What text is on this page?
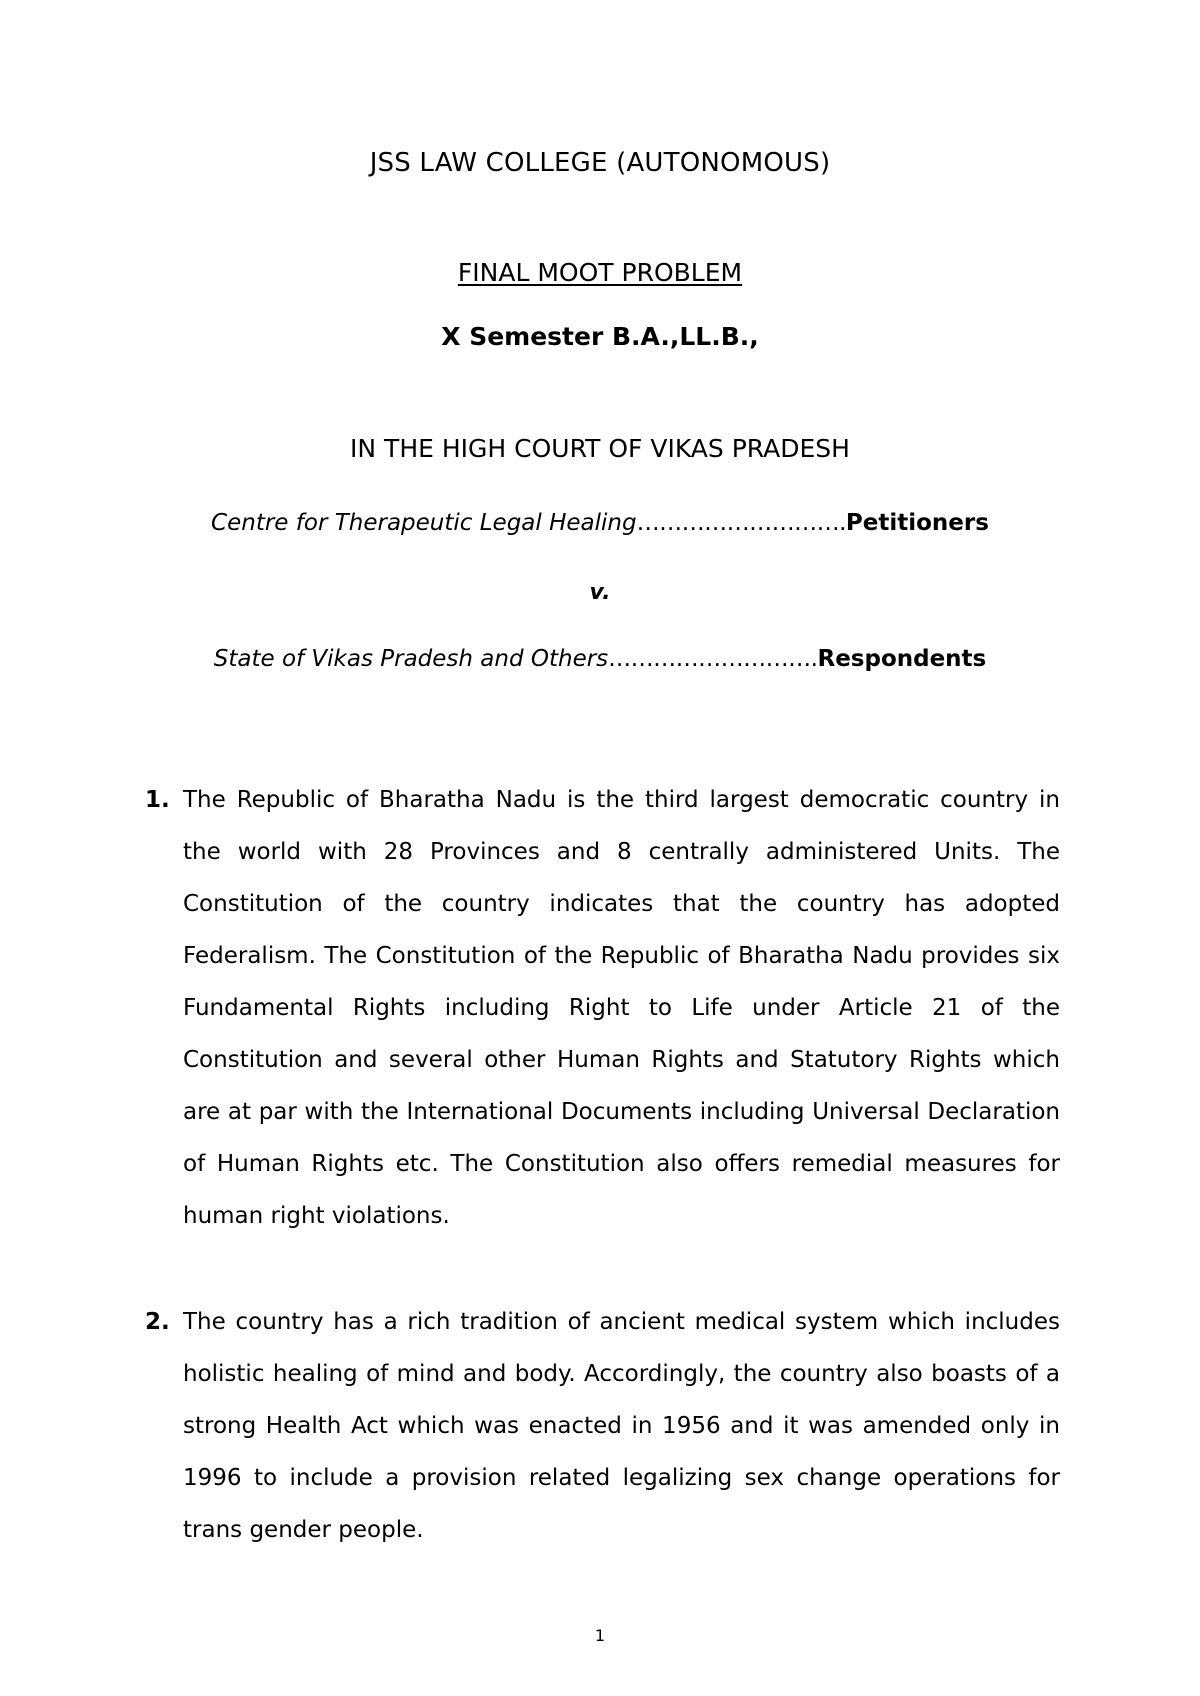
JSS LAW COLLEGE (AUTONOMOUS)
FINAL MOOT PROBLEM
X Semester B.A.,LL.B.,
IN THE HIGH COURT OF VIKAS PRADESH
Centre for Therapeutic Legal Healing……………………….Petitioners
v.
State of Vikas Pradesh and Others……………………….Respondents
1. The Republic of Bharatha Nadu is the third largest democratic country in the world with 28 Provinces and 8 centrally administered Units. The Constitution of the country indicates that the country has adopted Federalism. The Constitution of the Republic of Bharatha Nadu provides six Fundamental Rights including Right to Life under Article 21 of the Constitution and several other Human Rights and Statutory Rights which are at par with the International Documents including Universal Declaration of Human Rights etc. The Constitution also offers remedial measures for human right violations.
2. The country has a rich tradition of ancient medical system which includes holistic healing of mind and body. Accordingly, the country also boasts of a strong Health Act which was enacted in 1956 and it was amended only in 1996 to include a provision related legalizing sex change operations for trans gender people.
1
